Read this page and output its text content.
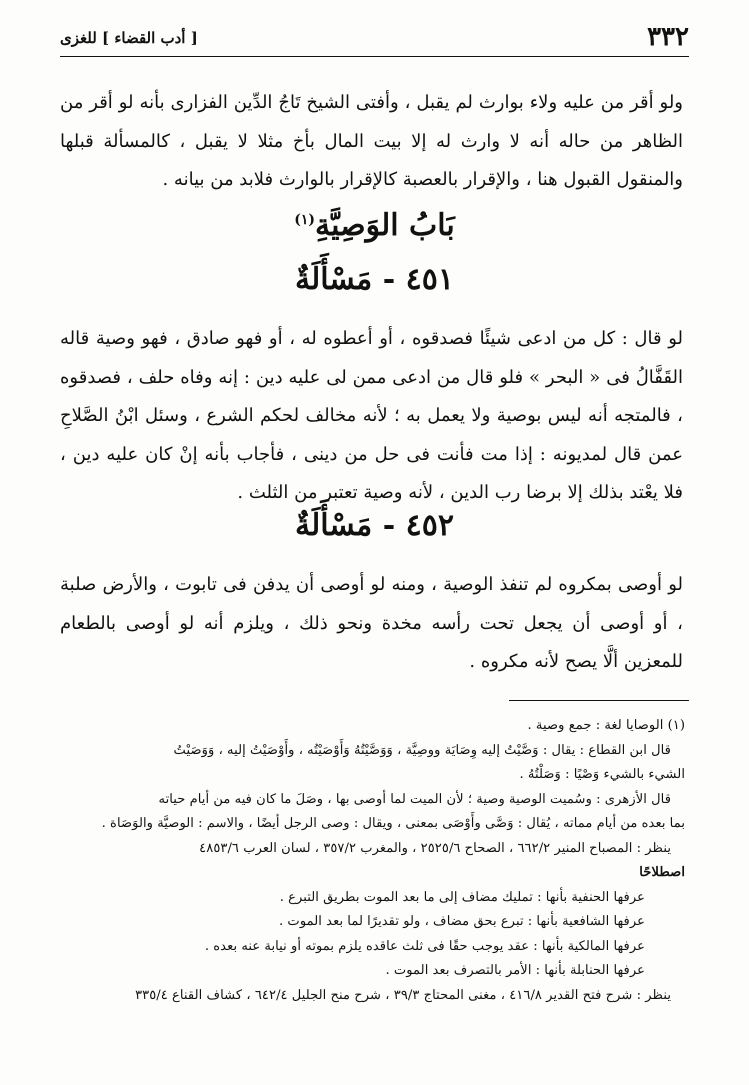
٣٣٢
[ أدب القضاء ] للغزى

ولو أقر من عليه ولاء بوارث لم يقبل ، وأفتى الشيخ تَاجُ الدِّين الفزارى بأنه لو أقر من الظاهر من حاله أنه لا وارث له إلا بيت المال بأخ مثلا لا يقبل ، كالمسألة قبلها والمنقول القبول هنا ، والإقرار بالعصبة كالإقرار بالوارث فلابد من بيانه .

بَابُ الوَصِيَّةِ$^{(١)}$
٤٥١ - مَسْأَلَةٌ

لو قال : كل من ادعى شيئًا فصدقوه ، أو أعطوه له ، أو فهو صادق ، فهو وصية قاله القَفَّالُ فى « البحر » فلو قال من ادعى ممن لى عليه دين : إنه وفاه حلف ، فصدقوه ، فالمتجه أنه ليس بوصية ولا يعمل به ؛ لأنه مخالف لحكم الشرع ، وسئل ابْنُ الصَّلاحِ عمن قال لمديونه : إذا مت فأنت فى حل من دينى ، فأجاب بأنه إنْ كان عليه دين ، فلا يعْتد بذلك إلا برضا رب الدين ، لأنه وصية تعتبر من الثلث .

٤٥٢ - مَسْأَلَةٌ

لو أوصى بمكروه لم تنفذ الوصية ، ومنه لو أوصى أن يدفن فى تابوت ، والأرض صلبة ، أو أوصى أن يجعل تحت رأسه مخدة ونحو ذلك ، ويلزم أنه لو أوصى بالطعام للمعزين ألَّا يصح لأنه مكروه .

(١) الوصايا لغة : جمع وصية .
قال ابن القطاع : يقال : وَصَّيْتُ إليه وِصَايَة ووصِيَّة ، وَوَصَّيْتُهُ وَأَوْصَيْتُه ، وأَوْصَيْتُ إليه ، وَوَصَيْتُ
الشيء بالشيء وَصْيًا : وَصَلْتُهُ .
قال الأزهرى : وسُميت الوصية وصية ؛ لأن الميت لما أوصى بها ، وصَلَ ما كان فيه من أيام حياته
بما بعده من أيام مماته ، يُقال : وَصَّى وأَوْصَى بمعنى ، ويقال : وصى الرجل أيضًا ، والاسم : الوصيَّة والوَصَاة .
ينظر : المصباح المنير ٦٦٢/٢ ، الصحاح ٢٥٢٥/٦ ، والمغرب ٣٥٧/٢ ، لسان العرب ٤٨٥٣/٦
اصطلاحًا
عرفها الحنفية بأنها : تمليك مضاف إلى ما بعد الموت بطريق التبرع .
عرفها الشافعية بأنها : تبرع بحق مضاف ، ولو تقديرًا لما بعد الموت .
عرفها المالكية بأنها : عقد يوجب حقًا فى ثلث عاقده يلزم بموته أو نيابة عنه بعده .
عرفها الحنابلة بأنها : الأمر بالتصرف بعد الموت .
ينظر : شرح فتح القدير ٤١٦/٨ ، مغنى المحتاج ٣٩/٣ ، شرح منح الجليل ٦٤٢/٤ ، كشاف القناع ٣٣٥/٤
